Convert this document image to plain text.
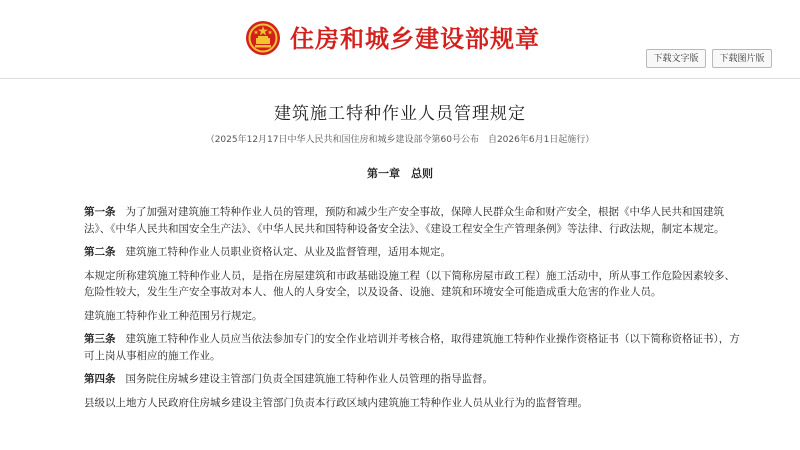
住房和城乡建设部规章
下载文字版	下载图片版
建筑施工特种作业人员管理规定
（2025年12月17日中华人民共和国住房和城乡建设部令第60号公布　自2026年6月1日起施行）
第一章　总则

第一条 为了加强对建筑施工特种作业人员的管理，预防和减少生产安全事故，保障人民群众生命和财产安全，根据《中华人民共和国建筑法》、《中华人民共和国安全生产法》、《中华人民共和国特种设备安全法》、《建设工程安全生产管理条例》等法律、行政法规，制定本规定。

第二条 建筑施工特种作业人员职业资格认定、从业及监督管理，适用本规定。

本规定所称建筑施工特种作业人员，是指在房屋建筑和市政基础设施工程（以下简称房屋市政工程）施工活动中，所从事工作危险因素较多、危险性较大，发生生产安全事故对本人、他人的人身安全，以及设备、设施、建筑和环境安全可能造成重大危害的作业人员。

建筑施工特种作业工种范围另行规定。

第三条 建筑施工特种作业人员应当依法参加专门的安全作业培训并考核合格，取得建筑施工特种作业操作资格证书（以下简称资格证书），方可上岗从事相应的施工作业。

第四条 国务院住房城乡建设主管部门负责全国建筑施工特种作业人员管理的指导监督。

县级以上地方人民政府住房城乡建设主管部门负责本行政区域内建筑施工特种作业人员从业行为的监督管理。
